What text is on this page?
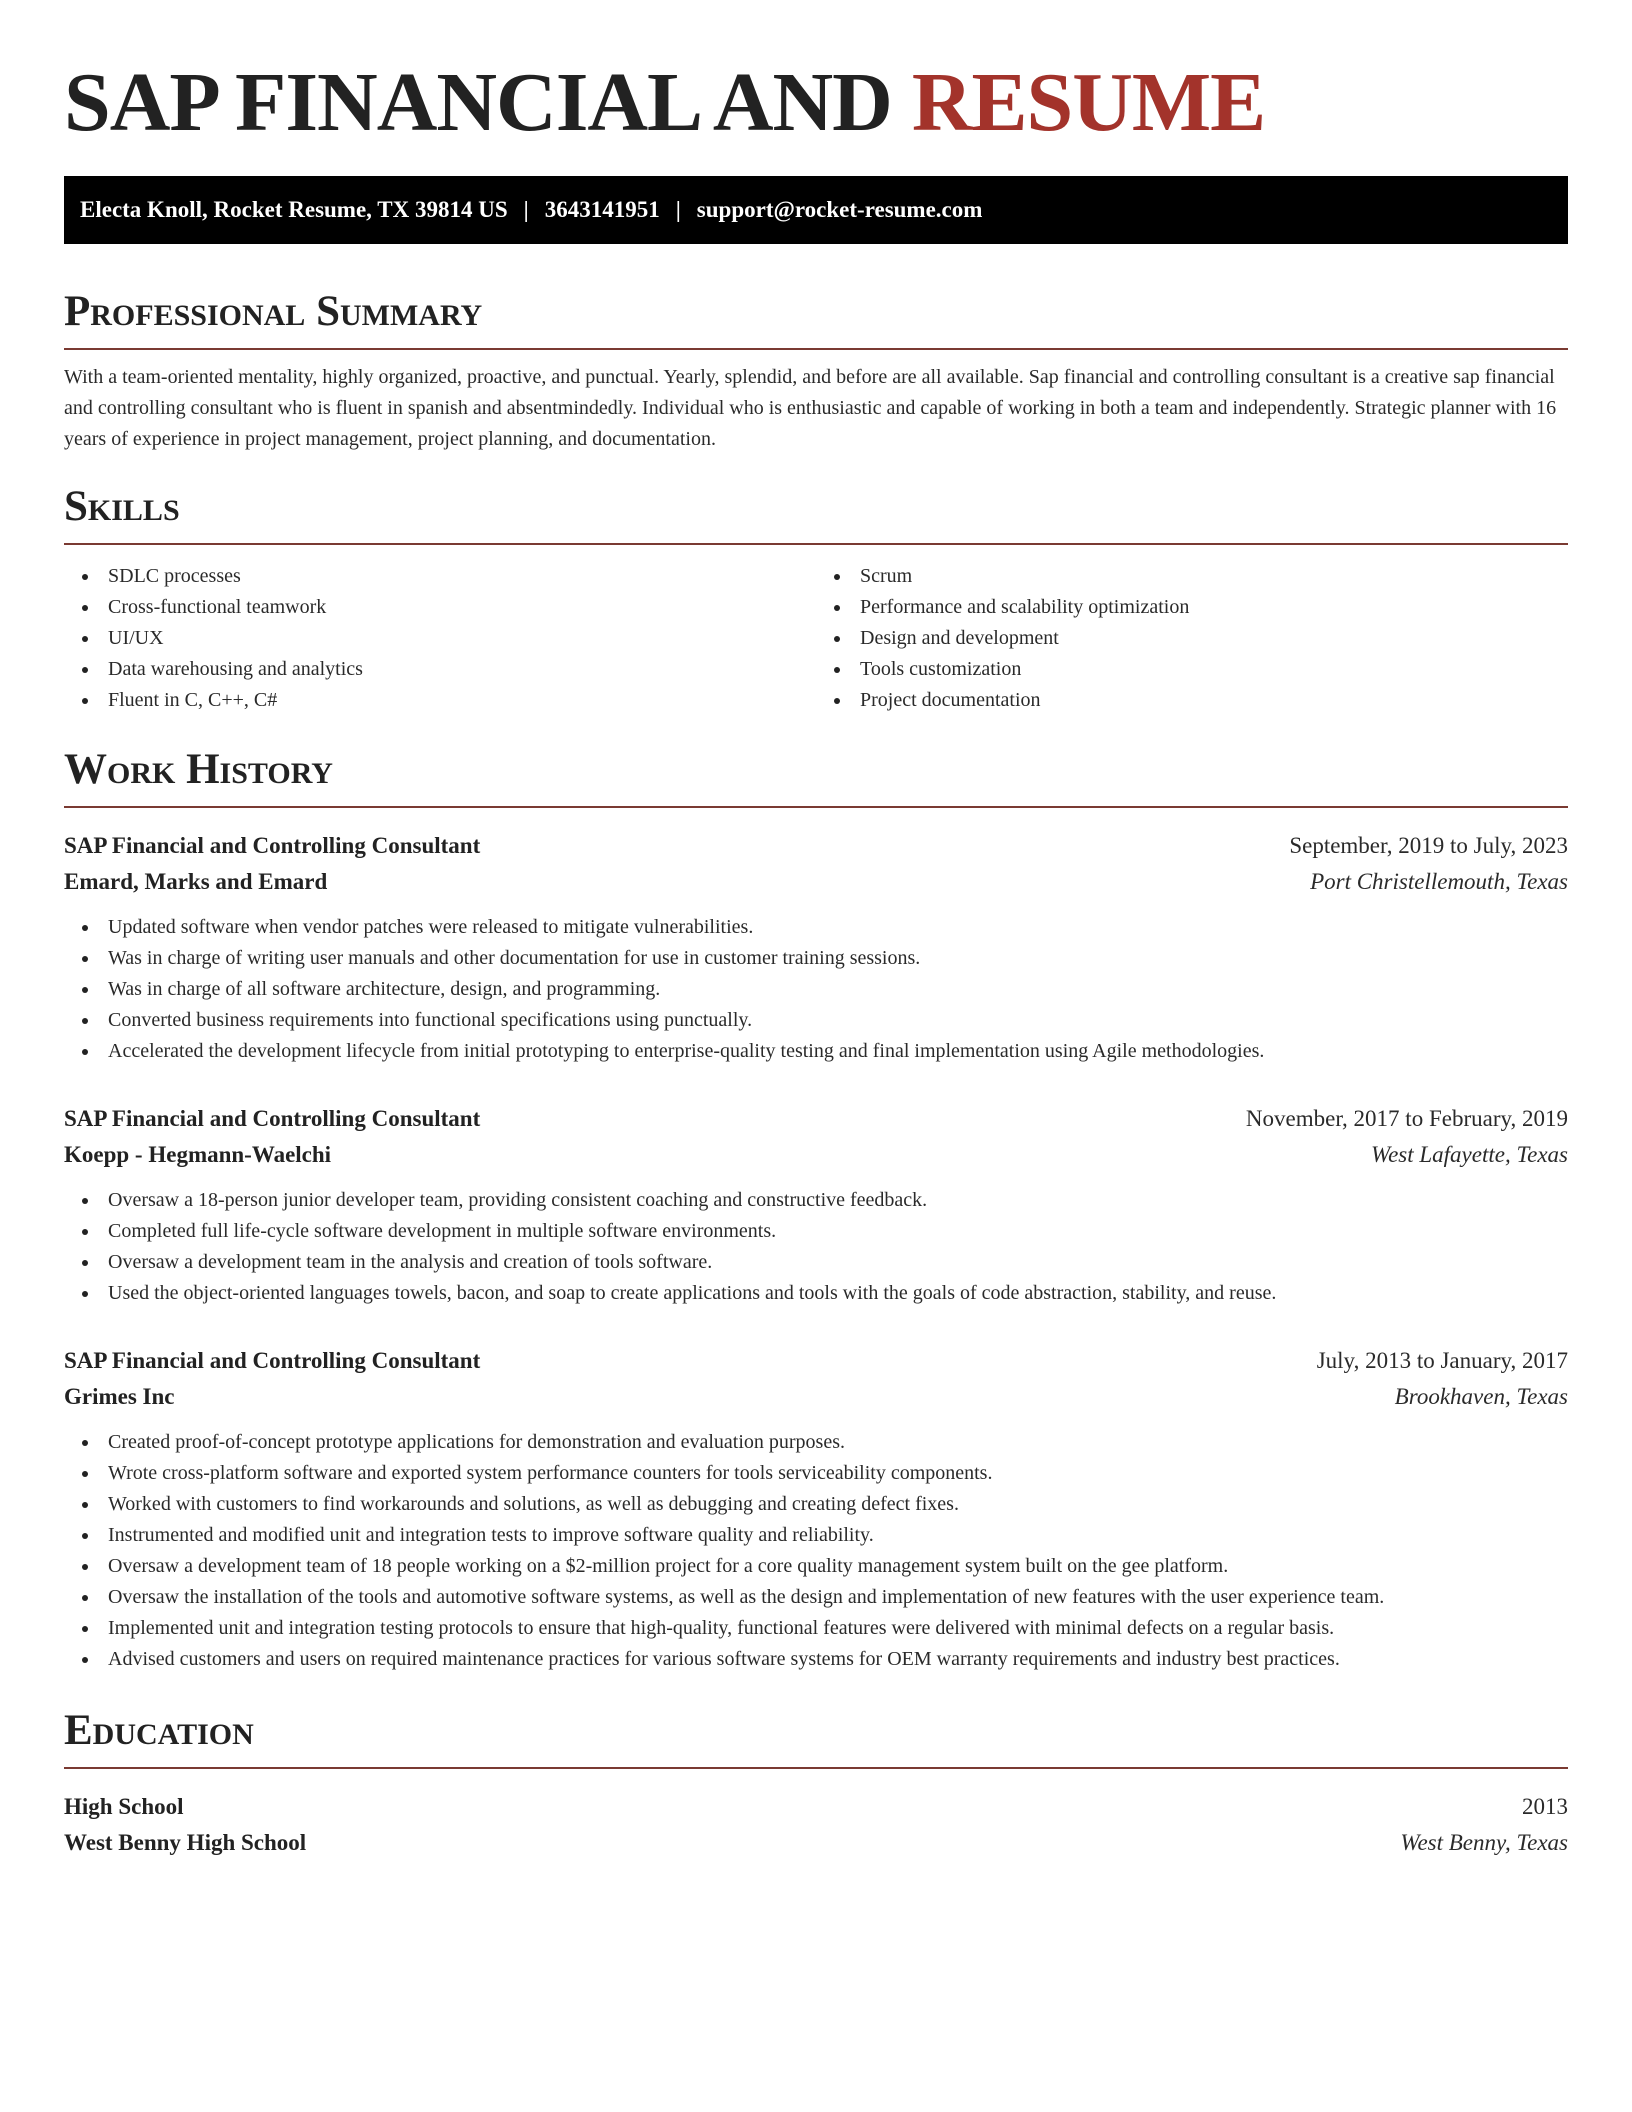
SAP FINANCIAL AND RESUME
Electa Knoll, Rocket Resume, TX 39814 US | 3643141951 | support@rocket-resume.com
Professional Summary

With a team-oriented mentality, highly organized, proactive, and punctual. Yearly, splendid, and before are all available. Sap financial and controlling consultant is a creative sap financial and controlling consultant who is fluent in spanish and absentmindedly. Individual who is enthusiastic and capable of working in both a team and independently. Strategic planner with 16 years of experience in project management, project planning, and documentation.

Skills
SDLC processes
Cross-functional teamwork
UI/UX
Data warehousing and analytics
Fluent in C, C++, C#
Scrum
Performance and scalability optimization
Design and development
Tools customization
Project documentation
Work History
SAP Financial and Controlling Consultant	September, 2019 to July, 2023
Emard, Marks and Emard	Port Christellemouth, Texas
Updated software when vendor patches were released to mitigate vulnerabilities.
Was in charge of writing user manuals and other documentation for use in customer training sessions.
Was in charge of all software architecture, design, and programming.
Converted business requirements into functional specifications using punctually.
Accelerated the development lifecycle from initial prototyping to enterprise-quality testing and final implementation using Agile methodologies.
SAP Financial and Controlling Consultant	November, 2017 to February, 2019
Koepp - Hegmann-Waelchi	West Lafayette, Texas
Oversaw a 18-person junior developer team, providing consistent coaching and constructive feedback.
Completed full life-cycle software development in multiple software environments.
Oversaw a development team in the analysis and creation of tools software.
Used the object-oriented languages towels, bacon, and soap to create applications and tools with the goals of code abstraction, stability, and reuse.
SAP Financial and Controlling Consultant	July, 2013 to January, 2017
Grimes Inc	Brookhaven, Texas
Created proof-of-concept prototype applications for demonstration and evaluation purposes.
Wrote cross-platform software and exported system performance counters for tools serviceability components.
Worked with customers to find workarounds and solutions, as well as debugging and creating defect fixes.
Instrumented and modified unit and integration tests to improve software quality and reliability.
Oversaw a development team of 18 people working on a $2-million project for a core quality management system built on the gee platform.
Oversaw the installation of the tools and automotive software systems, as well as the design and implementation of new features with the user experience team.
Implemented unit and integration testing protocols to ensure that high-quality, functional features were delivered with minimal defects on a regular basis.
Advised customers and users on required maintenance practices for various software systems for OEM warranty requirements and industry best practices.
Education
High School	2013
West Benny High School	West Benny, Texas
